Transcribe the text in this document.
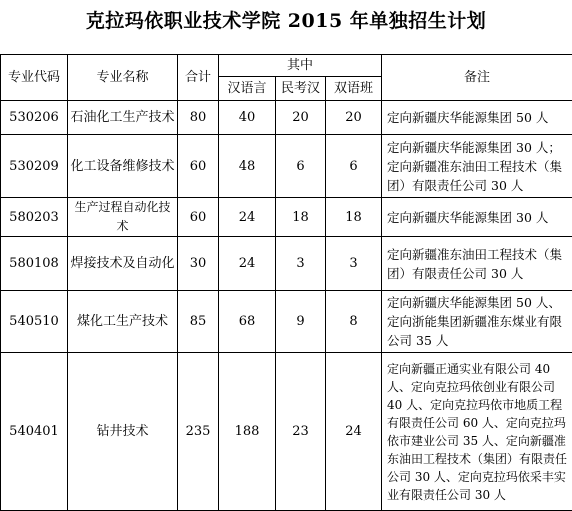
克拉玛依职业技术学院 2015 年单独招生计划
专业代码	专业名称	合计	其中			备注
			汉语言	民考汉	双语班	
530206	石油化工生产技术	80	40	20	20	定向新疆庆华能源集团 50 人
530209	化工设备维修技术	60	48	6	6	定向新疆庆华能源集团 30 人；定向新疆准东油田工程技术（集团）有限责任公司 30 人
580203	生产过程自动化技术	60	24	18	18	定向新疆庆华能源集团 30 人
580108	焊接技术及自动化	30	24	3	3	定向新疆准东油田工程技术（集团）有限责任公司 30 人
540510	煤化工生产技术	85	68	9	8	定向新疆庆华能源集团 50 人、定向浙能集团新疆准东煤业有限公司 35 人
540401	钻井技术	235	188	23	24	定向新疆正通实业有限公司 40 人、定向克拉玛依创业有限公司 40 人、定向克拉玛依市地质工程有限责任公司 60 人、定向克拉玛依市建业公司 35 人、定向新疆准东油田工程技术（集团）有限责任公司 30 人、定向克拉玛依采丰实业有限责任公司 30 人
